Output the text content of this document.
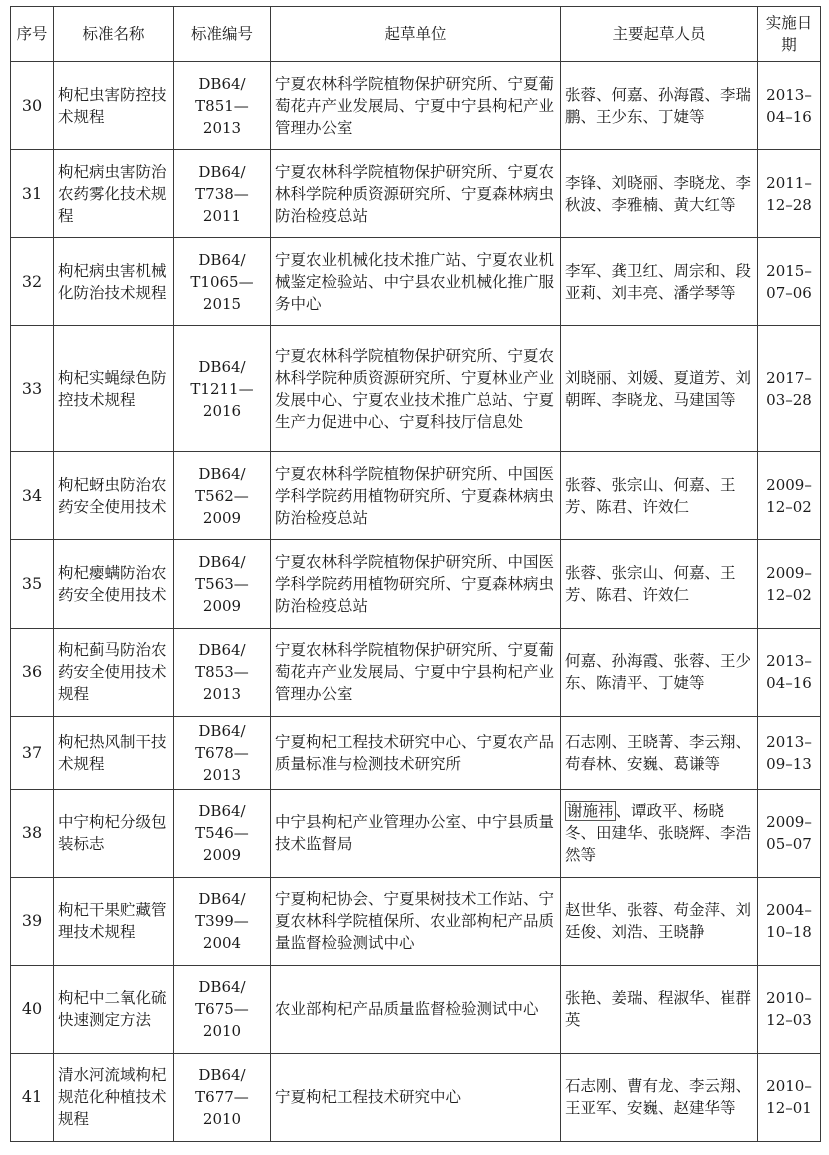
序号	标准名称	标准编号	起草单位	主要起草人员	实施日期
30	枸杞虫害防控技术规程	DB64/ T851—2013	宁夏农林科学院植物保护研究所、宁夏葡萄花卉产业发展局、宁夏中宁县枸杞产业管理办公室	张蓉、何嘉、孙海霞、李瑞鹏、王少东、丁婕等	2013–04–16
31	枸杞病虫害防治农药雾化技术规程	DB64/ T738—2011	宁夏农林科学院植物保护研究所、宁夏农林科学院种质资源研究所、宁夏森林病虫防治检疫总站	李锋、刘晓丽、李晓龙、李秋波、李雅楠、黄大红等	2011–12–28
32	枸杞病虫害机械化防治技术规程	DB64/ T1065—2015	宁夏农业机械化技术推广站、宁夏农业机械鉴定检验站、中宁县农业机械化推广服务中心	李军、龚卫红、周宗和、段亚莉、刘丰亮、潘学琴等	2015–07–06
33	枸杞实蝇绿色防控技术规程	DB64/ T1211—2016	宁夏农林科学院植物保护研究所、宁夏农林科学院种质资源研究所、宁夏林业产业发展中心、宁夏农业技术推广总站、宁夏生产力促进中心、宁夏科技厅信息处	刘晓丽、刘媛、夏道芳、刘朝晖、李晓龙、马建国等	2017–03–28
34	枸杞蚜虫防治农药安全使用技术	DB64/ T562—2009	宁夏农林科学院植物保护研究所、中国医学科学院药用植物研究所、宁夏森林病虫防治检疫总站	张蓉、张宗山、何嘉、王芳、陈君、许效仁	2009–12–02
35	枸杞瘿螨防治农药安全使用技术	DB64/ T563—2009	宁夏农林科学院植物保护研究所、中国医学科学院药用植物研究所、宁夏森林病虫防治检疫总站	张蓉、张宗山、何嘉、王芳、陈君、许效仁	2009–12–02
36	枸杞蓟马防治农药安全使用技术规程	DB64/ T853—2013	宁夏农林科学院植物保护研究所、宁夏葡萄花卉产业发展局、宁夏中宁县枸杞产业管理办公室	何嘉、孙海霞、张蓉、王少东、陈清平、丁婕等	2013–04–16
37	枸杞热风制干技术规程	DB64/ T678—2013	宁夏枸杞工程技术研究中心、宁夏农产品质量标准与检测技术研究所	石志刚、王晓菁、李云翔、苟春林、安巍、葛谦等	2013–09–13
38	中宁枸杞分级包装标志	DB64/ T546—2009	中宁县枸杞产业管理办公室、中宁县质量技术监督局	谢施祎 、谭政平、杨晓冬、田建华、张晓辉、李浩然等	2009–05–07
39	枸杞干果贮藏管理技术规程	DB64/ T399—2004	宁夏枸杞协会、宁夏果树技术工作站、宁夏农林科学院植保所、农业部枸杞产品质量监督检验测试中心	赵世华、张蓉、苟金萍、刘廷俊、刘浩、王晓静	2004–10–18
40	枸杞中二氧化硫快速测定方法	DB64/ T675—2010	农业部枸杞产品质量监督检验测试中心	张艳、姜瑞、程淑华、崔群英	2010–12–03
41	清水河流域枸杞规范化种植技术规程	DB64/ T677—2010	宁夏枸杞工程技术研究中心	石志刚、曹有龙、李云翔、王亚军、安巍、赵建华等	2010–12–01
